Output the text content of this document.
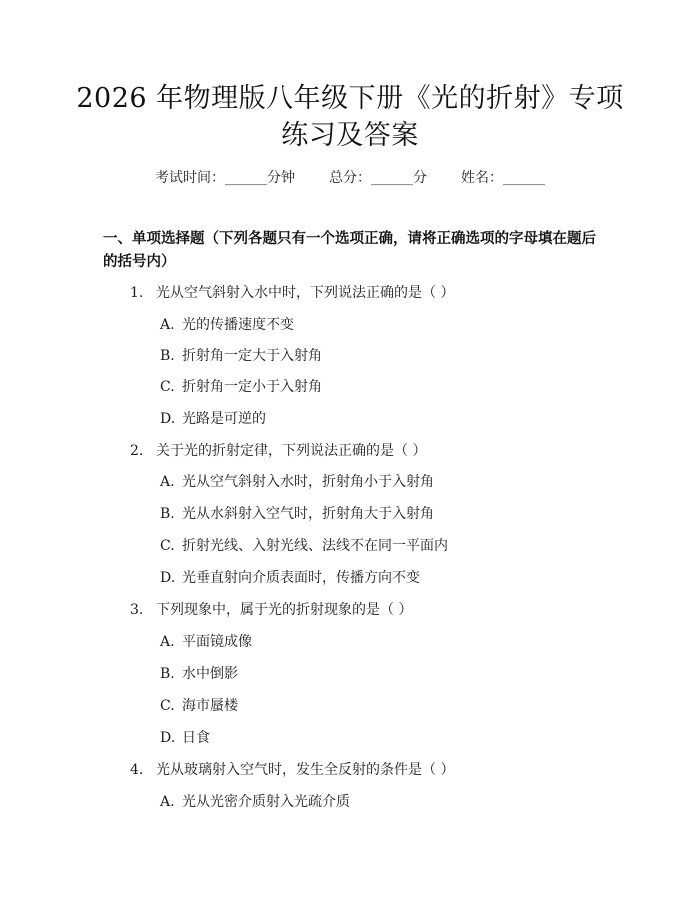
2026 年物理版八年级下册《光的折射》专项
练习及答案
考试时间：______分钟 总分：______分 姓名：______
一、单项选择题（下列各题只有一个选项正确，请将正确选项的字母填在题后的括号内）
1. 光从空气斜射入水中时，下列说法正确的是（ ）
A. 光的传播速度不变
B. 折射角一定大于入射角
C. 折射角一定小于入射角
D. 光路是可逆的
2. 关于光的折射定律，下列说法正确的是（ ）
A. 光从空气斜射入水时，折射角小于入射角
B. 光从水斜射入空气时，折射角大于入射角
C. 折射光线、入射光线、法线不在同一平面内
D. 光垂直射向介质表面时，传播方向不变
3. 下列现象中，属于光的折射现象的是（ ）
A. 平面镜成像
B. 水中倒影
C. 海市蜃楼
D. 日食
4. 光从玻璃射入空气时，发生全反射的条件是（ ）
A. 光从光密介质射入光疏介质
